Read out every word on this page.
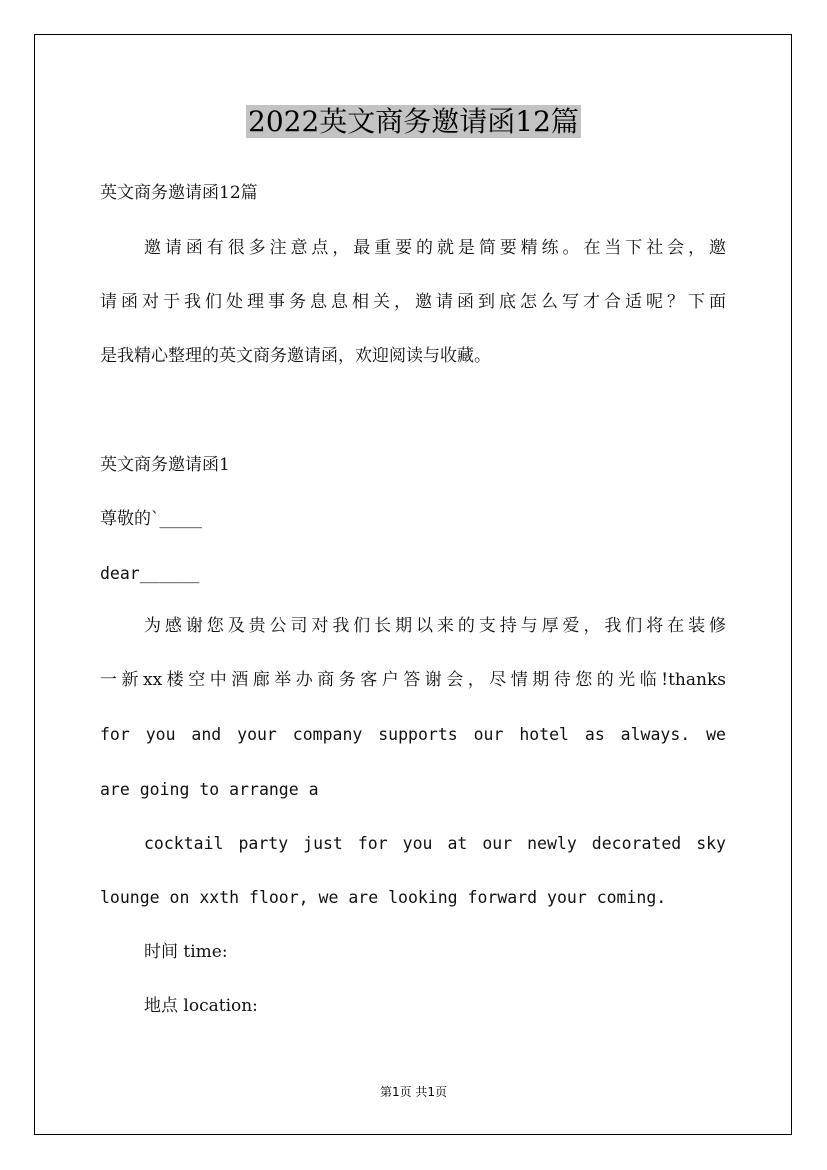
2022英文商务邀请函12篇

英文商务邀请函12篇

邀请函有很多注意点，最重要的就是简要精练。在当下社会，邀

请函对于我们处理事务息息相关，邀请函到底怎么写才合适呢？下面

是我精心整理的英文商务邀请函，欢迎阅读与收藏。

英文商务邀请函1

尊敬的`_____

dear______

为感谢您及贵公司对我们长期以来的支持与厚爱，我们将在装修

一新xx楼空中酒廊举办商务客户答谢会，尽情期待您的光临!thanks

for you and your company supports our hotel as always. we

are going to arrange a

cocktail party just for you at our newly decorated sky

lounge on xxth floor, we are looking forward your coming.

时间 time:

地点 location:

第1页 共1页
